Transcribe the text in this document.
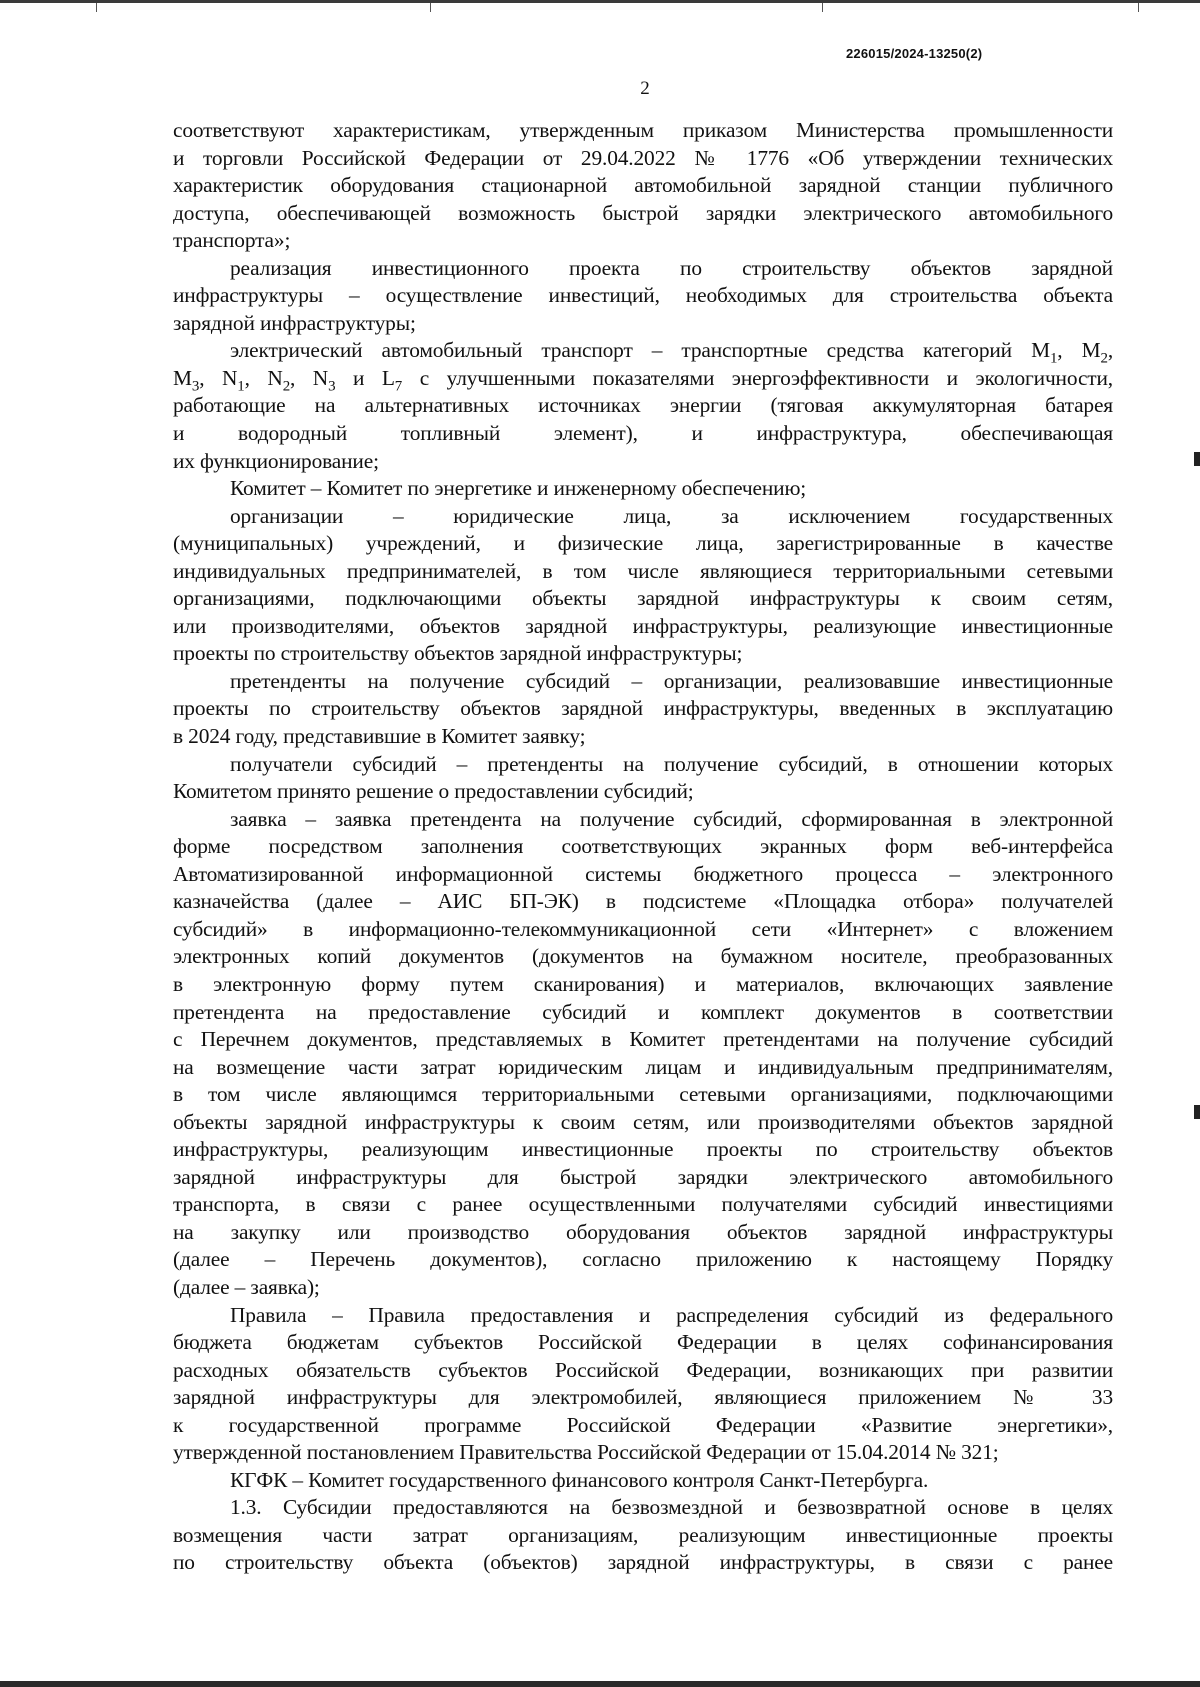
226015/2024-13250(2)
2
соответствуют характеристикам, утвержденным приказом Министерства промышленности
и торговли Российской Федерации от 29.04.2022 № 1776 «Об утверждении технических
характеристик оборудования стационарной автомобильной зарядной станции публичного
доступа, обеспечивающей возможность быстрой зарядки электрического автомобильного
транспорта»;
реализация инвестиционного проекта по строительству объектов зарядной
инфраструктуры – осуществление инвестиций, необходимых для строительства объекта
зарядной инфраструктуры;
электрический автомобильный транспорт – транспортные средства категорий $M_1$, $M_2$,
$M_3$, $N_1$, $N_2$, $N_3$ и $L_7$ с улучшенными показателями энергоэффективности и экологичности,
работающие на альтернативных источниках энергии (тяговая аккумуляторная батарея
и водородный топливный элемент), и инфраструктура, обеспечивающая
их функционирование;
Комитет – Комитет по энергетике и инженерному обеспечению;
организации – юридические лица, за исключением государственных
(муниципальных) учреждений, и физические лица, зарегистрированные в качестве
индивидуальных предпринимателей, в том числе являющиеся территориальными сетевыми
организациями, подключающими объекты зарядной инфраструктуры к своим сетям,
или производителями, объектов зарядной инфраструктуры, реализующие инвестиционные
проекты по строительству объектов зарядной инфраструктуры;
претенденты на получение субсидий – организации, реализовавшие инвестиционные
проекты по строительству объектов зарядной инфраструктуры, введенных в эксплуатацию
в 2024 году, представившие в Комитет заявку;
получатели субсидий – претенденты на получение субсидий, в отношении которых
Комитетом принято решение о предоставлении субсидий;
заявка – заявка претендента на получение субсидий, сформированная в электронной
форме посредством заполнения соответствующих экранных форм веб-интерфейса
Автоматизированной информационной системы бюджетного процесса – электронного
казначейства (далее – АИС БП-ЭК) в подсистеме «Площадка отбора» получателей
субсидий» в информационно-телекоммуникационной сети «Интернет» с вложением
электронных копий документов (документов на бумажном носителе, преобразованных
в электронную форму путем сканирования) и материалов, включающих заявление
претендента на предоставление субсидий и комплект документов в соответствии
с Перечнем документов, представляемых в Комитет претендентами на получение субсидий
на возмещение части затрат юридическим лицам и индивидуальным предпринимателям,
в том числе являющимся территориальными сетевыми организациями, подключающими
объекты зарядной инфраструктуры к своим сетям, или производителями объектов зарядной
инфраструктуры, реализующим инвестиционные проекты по строительству объектов
зарядной инфраструктуры для быстрой зарядки электрического автомобильного
транспорта, в связи с ранее осуществленными получателями субсидий инвестициями
на закупку или производство оборудования объектов зарядной инфраструктуры
(далее – Перечень документов), согласно приложению к настоящему Порядку
(далее – заявка);
Правила – Правила предоставления и распределения субсидий из федерального
бюджета бюджетам субъектов Российской Федерации в целях софинансирования
расходных обязательств субъектов Российской Федерации, возникающих при развитии
зарядной инфраструктуры для электромобилей, являющиеся приложением № 33
к государственной программе Российской Федерации «Развитие энергетики»,
утвержденной постановлением Правительства Российской Федерации от 15.04.2014 № 321;
КГФК – Комитет государственного финансового контроля Санкт-Петербурга.
1.3. Субсидии предоставляются на безвозмездной и безвозвратной основе в целях
возмещения части затрат организациям, реализующим инвестиционные проекты
по строительству объекта (объектов) зарядной инфраструктуры, в связи с ранее
